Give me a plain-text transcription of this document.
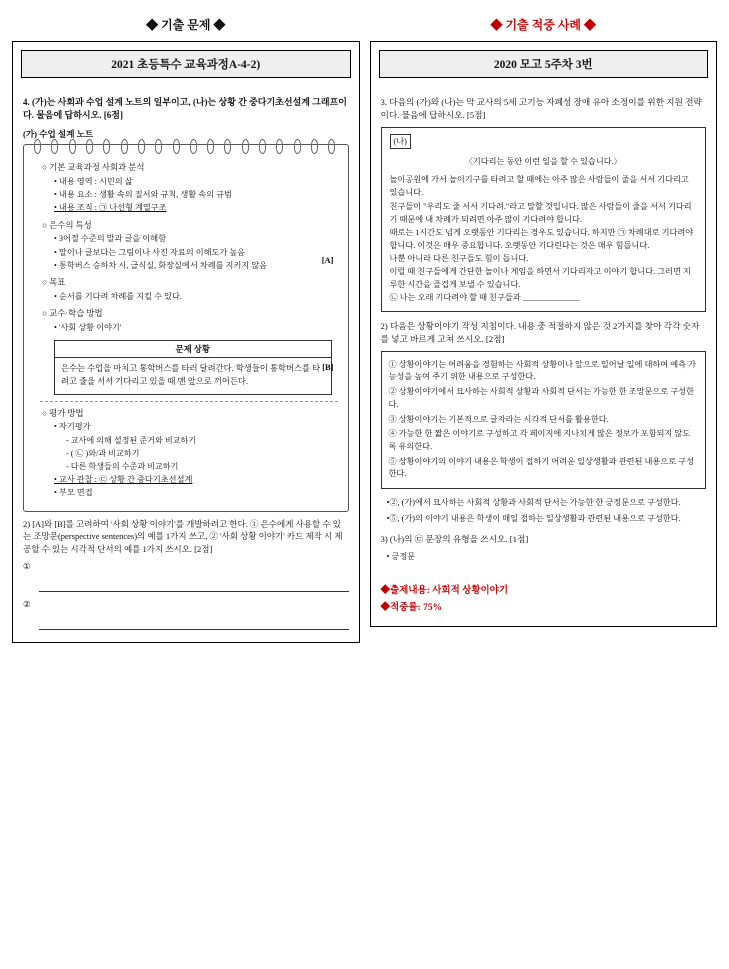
◆ 기출 문제 ◆
2021 초등특수 교육과정A-4-2)
4. (가)는 사회과 수업 설계 노트의 일부이고, (나)는 상황 간 중다기초선설계 그래프이다. 물음에 답하시오. [6점]
(가) 수업 설계 노트
○ 기본 교육과정 사회과 분석
• 내용 영역 : 시민의 삶
• 내용 요소 : 생활 속의 질서와 규칙, 생활 속의 규범
• 내용 조직 : ㉠ 나선형 계열구조
○ 은수의 특성
• 3어절 수준의 말과 글을 이해함
• 말이나 글보다는 그림이나 사진 자료의 이해도가 높음
• 통학버스 승하차 시, 급식실, 화장실에서 차례를 지키지 않음
[A]
○ 목표
• 순서를 기다려 차례를 지킬 수 있다.
○ 교수·학습 방법
• '사회 상황 이야기'
문제 상황
은수는 수업을 마치고 통학버스를 타러 달려간다. 학생들이 통학버스를 타려고 줄을 서서 기다리고 있을 때 맨 앞으로 끼어든다.
[B]
○ 평가 방법
• 자기평가
- 교사에 의해 설정된 준거와 비교하기
- ( ㉡ )와/과 비교하기
- 다른 학생들의 수준과 비교하기
• 교사 관찰 : ㉢ 상황 간 중다기초선설계
• 부모 면접
2) [A]와 [B]를 고려하여 '사회 상황 이야기'를 개발하려고 한다. ① 은수에게 사용할 수 있는 조망문(perspective sentences)의 예를 1가지 쓰고, ② '사회 상황 이야기' 카드 제작 시 제공할 수 있는 시각적 단서의 예를 1가지 쓰시오. [2점]
①
②
◆ 기출 적중 사례 ◆
2020 모고 5주차 3번
3. 다음의 (가)와 (나)는 막 교사의 5세 고기능 자폐성 장애 유아 소정이를 위한 지원 전략이다. 물음에 답하시오. [5점]
(나)
〈기다리는 동안 이런 일을 할 수 있습니다.〉
놀이공원에 가서 놀이기구를 타려고 할 때에는 아주 많은 사람들이 줄을 서서 기다리고 있습니다.
친구들이 "우리도 줄 서서 기다려."라고 말할 것입니다. 많은 사람들이 줄을 서서 기다리기 때문에 내 차례가 되려면 아주 많이 기다려야 합니다.
때로는 1시간도 넘게 오랫동안 기다리는 경우도 있습니다. 하지만 ㉠ 차례대로 기다려야 합니다. 이것은 매우 중요합니다. 오랫동안 기다린다는 것은 매우 힘듭니다.
나뿐 아니라 다른 친구들도 힘이 듭니다.
이럴 때 친구들에게 간단한 놀이나 게임을 하면서 기다리자고 이야기 합니다. 그러면 지루한 시간을 즐겁게 보낼 수 있습니다.
㉡ 나는 오래 기다려야 할 때 친구들과 ______________
2) 다음은 상황이야기 작성 지침이다. 내용 중 적절하지 않은 것 2가지를 찾아 각각 숫자를 넣고 바르게 고쳐 쓰시오. [2점]
① 상황이야기는 어려움을 경험하는 사회적 상황이나 앞으로 일어날 일에 대하여 예측 가능성을 높여 주기 위한 내용으로 구성한다.
② 상황이야기에서 묘사하는 사회적 상황과 사회적 단서는 가능한 한 조망문으로 구성한다.
③ 상황이야기는 기본적으로 글자라는 시각적 단서를 활용한다.
④ 가능한 한 짧은 이야기로 구성하고 각 페이지에 지나치게 많은 정보가 포함되지 않도록 유의한다.
⑤ 상황이야기의 이야기 내용은 학생이 접하기 어려운 일상생활과 관련된 내용으로 구성한다.
•②, (가)에서 묘사하는 사회적 상황과 사회적 단서는 가능한 한 긍정문으로 구성한다.
•⑤, (가)의 이야기 내용은 학생이 매일 접하는 일상생활과 관련된 내용으로 구성한다.
3) (나)의 ㉢ 문장의 유형을 쓰시오. [1점]
• 긍정문
◆출제내용: 사회적 상황이야기
◆적중률: 75%
